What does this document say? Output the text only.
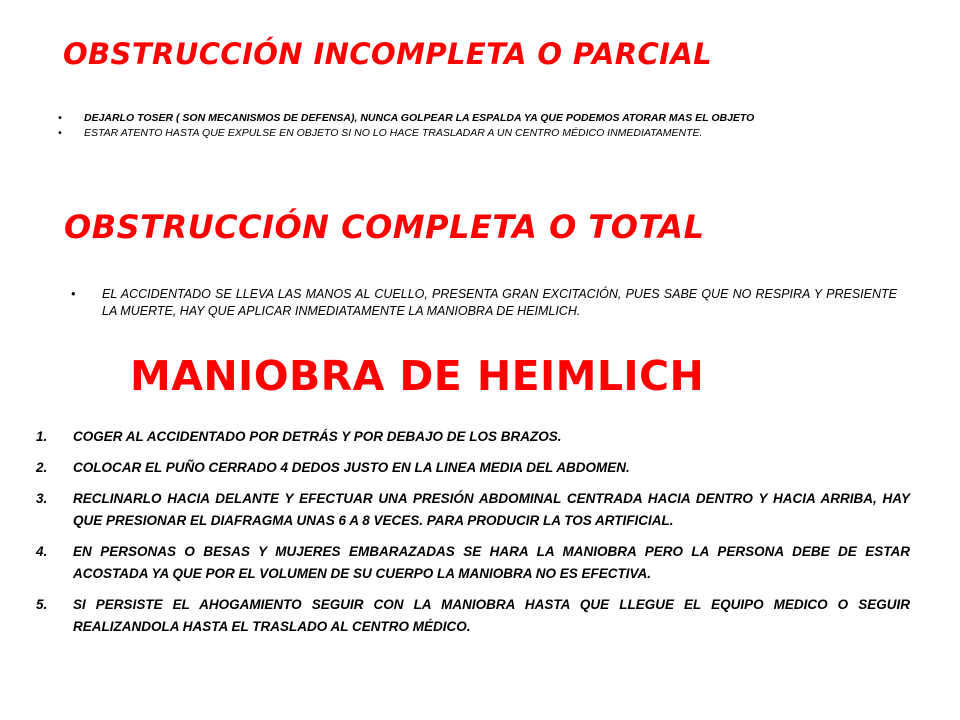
OBSTRUCCIÓN INCOMPLETA O PARCIAL
• DEJARLO TOSER ( SON MECANISMOS DE DEFENSA), NUNCA GOLPEAR LA ESPALDA YA QUE PODEMOS ATORAR MAS EL OBJETO
• ESTAR ATENTO HASTA QUE EXPULSE EN OBJETO SI NO LO HACE TRASLADAR A UN CENTRO MÉDICO INMEDIATAMENTE.
OBSTRUCCIÓN COMPLETA O TOTAL
• EL ACCIDENTADO SE LLEVA LAS MANOS AL CUELLO, PRESENTA GRAN EXCITACIÓN, PUES SABE QUE NO RESPIRA Y PRESIENTE LA MUERTE, HAY QUE APLICAR INMEDIATAMENTE LA MANIOBRA DE HEIMLICH.
MANIOBRA DE HEIMLICH
1. COGER AL ACCIDENTADO POR DETRÁS Y POR DEBAJO DE LOS BRAZOS.
2. COLOCAR EL PUÑO CERRADO 4 DEDOS JUSTO EN LA LINEA MEDIA DEL ABDOMEN.
3. RECLINARLO HACIA DELANTE Y EFECTUAR UNA PRESIÓN ABDOMINAL CENTRADA HACIA DENTRO Y HACIA ARRIBA, HAY QUE PRESIONAR EL DIAFRAGMA UNAS 6 A 8 VECES. PARA PRODUCIR LA TOS ARTIFICIAL.
4. EN PERSONAS O BESAS Y MUJERES EMBARAZADAS SE HARA LA MANIOBRA PERO LA PERSONA DEBE DE ESTAR ACOSTADA YA QUE POR EL VOLUMEN DE SU CUERPO LA MANIOBRA NO ES EFECTIVA.
5. SI PERSISTE EL AHOGAMIENTO SEGUIR CON LA MANIOBRA HASTA QUE LLEGUE EL EQUIPO MEDICO O SEGUIR REALIZANDOLA HASTA EL TRASLADO AL CENTRO MÉDICO.
